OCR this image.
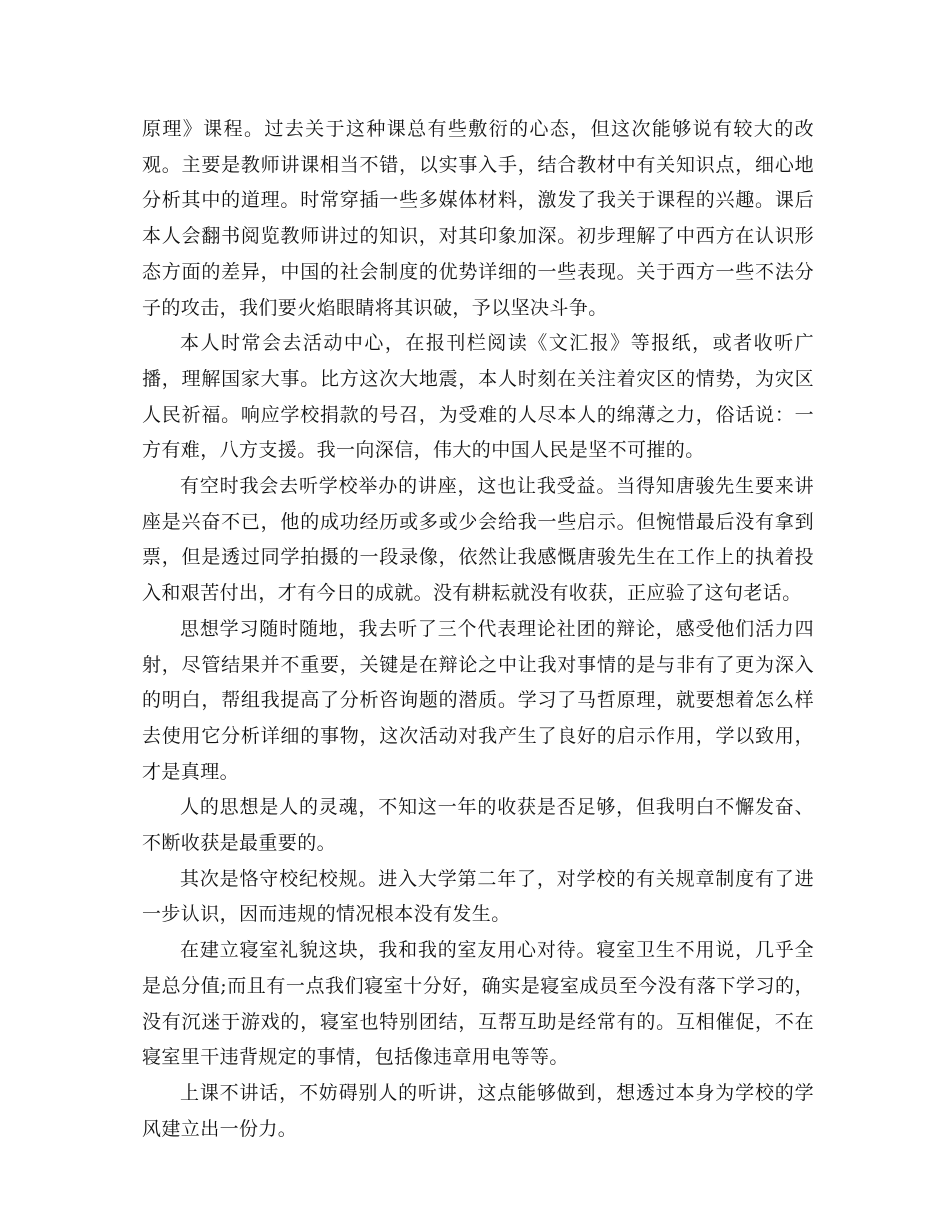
原理》课程。过去关于这种课总有些敷衍的心态，但这次能够说有较大的改观。主要是教师讲课相当不错，以实事入手，结合教材中有关知识点，细心地分析其中的道理。时常穿插一些多媒体材料，激发了我关于课程的兴趣。课后本人会翻书阅览教师讲过的知识，对其印象加深。初步理解了中西方在认识形态方面的差异，中国的社会制度的优势详细的一些表现。关于西方一些不法分子的攻击，我们要火焰眼睛将其识破，予以坚决斗争。

本人时常会去活动中心，在报刊栏阅读《文汇报》等报纸，或者收听广播，理解国家大事。比方这次大地震，本人时刻在关注着灾区的情势，为灾区人民祈福。响应学校捐款的号召，为受难的人尽本人的绵薄之力，俗话说：一方有难，八方支援。我一向深信，伟大的中国人民是坚不可摧的。

有空时我会去听学校举办的讲座，这也让我受益。当得知唐骏先生要来讲座是兴奋不已，他的成功经历或多或少会给我一些启示。但惋惜最后没有拿到票，但是透过同学拍摄的一段录像，依然让我感慨唐骏先生在工作上的执着投入和艰苦付出，才有今日的成就。没有耕耘就没有收获，正应验了这句老话。

思想学习随时随地，我去听了三个代表理论社团的辩论，感受他们活力四射，尽管结果并不重要，关键是在辩论之中让我对事情的是与非有了更为深入的明白，帮组我提高了分析咨询题的潜质。学习了马哲原理，就要想着怎么样去使用它分析详细的事物，这次活动对我产生了良好的启示作用，学以致用，才是真理。

人的思想是人的灵魂，不知这一年的收获是否足够，但我明白不懈发奋、不断收获是最重要的。

其次是恪守校纪校规。进入大学第二年了，对学校的有关规章制度有了进一步认识，因而违规的情况根本没有发生。

在建立寝室礼貌这块，我和我的室友用心对待。寝室卫生不用说，几乎全是总分值;而且有一点我们寝室十分好，确实是寝室成员至今没有落下学习的，没有沉迷于游戏的，寝室也特别团结，互帮互助是经常有的。互相催促，不在寝室里干违背规定的事情，包括像违章用电等等。

上课不讲话，不妨碍别人的听讲，这点能够做到，想透过本身为学校的学风建立出一份力。
